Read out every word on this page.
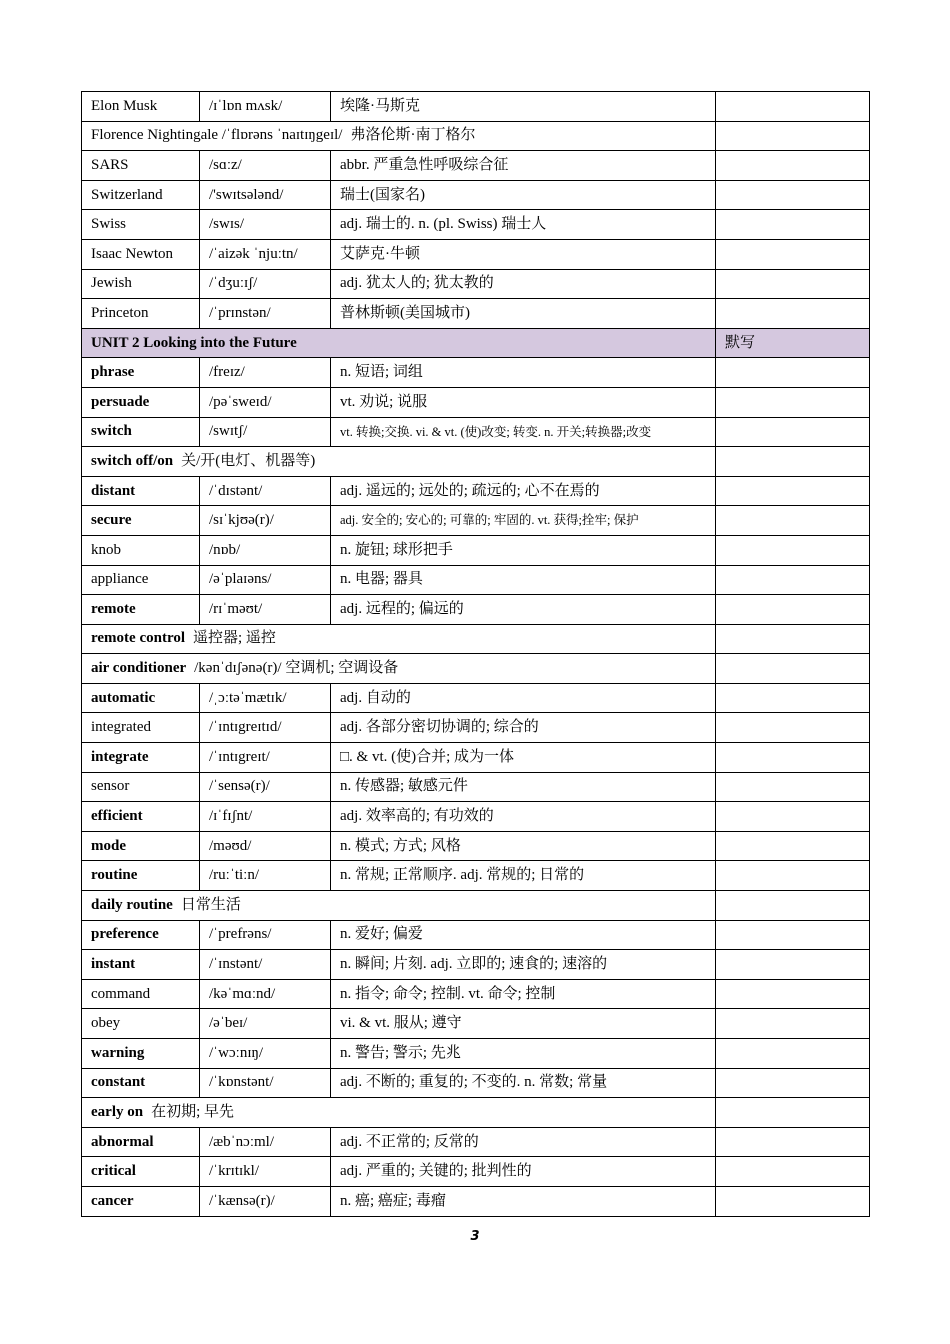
Elon Musk	/ɪˈlɒn mʌsk/	埃隆·马斯克	
Florence Nightingale /ˈflɒrəns ˈnaɪtɪŋgeɪl/ 弗洛伦斯·南丁格尔			
SARS	/sɑːz/	abbr. 严重急性呼吸综合征	
Switzerland	/'swɪtsələnd/	瑞士(国家名)	
Swiss	/swɪs/	adj. 瑞士的. n. (pl. Swiss) 瑞士人	
Isaac Newton	/ˈaizək ˈnjuːtn/	艾萨克·牛顿	
Jewish	/ˈdʒuːɪʃ/	adj. 犹太人的; 犹太教的	
Princeton	/ˈprɪnstən/	普林斯顿(美国城市)	
UNIT 2 Looking into the Future			默写
phrase	/freɪz/	n. 短语; 词组	
persuade	/pəˈsweɪd/	vt. 劝说; 说服	
switch	/swɪtʃ/	vt. 转换;交换. vi. & vt. (使)改变; 转变. n. 开关;转换器;改变	
switch off/on 关/开(电灯、机器等)			
distant	/ˈdɪstənt/	adj. 遥远的; 远处的; 疏远的; 心不在焉的	
secure	/sɪˈkjʊə(r)/	adj. 安全的; 安心的; 可靠的; 牢固的. vt. 获得;拴牢; 保护	
knob	/nɒb/	n. 旋钮; 球形把手	
appliance	/əˈplaɪəns/	n. 电器; 器具	
remote	/rɪˈməʊt/	adj. 远程的; 偏远的	
remote control 遥控器; 遥控			
air conditioner /kənˈdɪʃənə(r)/ 空调机; 空调设备			
automatic	/ˌɔːtəˈmætɪk/	adj. 自动的	
integrated	/ˈɪntɪgreɪtɪd/	adj. 各部分密切协调的; 综合的	
integrate	/ˈɪntɪgreɪt/	□. & vt. (使)合并; 成为一体	
sensor	/ˈsensə(r)/	n. 传感器; 敏感元件	
efficient	/ɪˈfɪʃnt/	adj. 效率高的; 有功效的	
mode	/məʊd/	n. 模式; 方式; 风格	
routine	/ruːˈtiːn/	n. 常规; 正常顺序. adj. 常规的; 日常的	
daily routine 日常生活			
preference	/ˈprefrəns/	n. 爱好; 偏爱	
instant	/ˈɪnstənt/	n. 瞬间; 片刻. adj. 立即的; 速食的; 速溶的	
command	/kəˈmɑːnd/	n. 指令; 命令; 控制. vt. 命令; 控制	
obey	/əˈbeɪ/	vi. & vt. 服从; 遵守	
warning	/ˈwɔːnɪŋ/	n. 警告; 警示; 先兆	
constant	/ˈkɒnstənt/	adj. 不断的; 重复的; 不变的. n. 常数; 常量	
early on 在初期; 早先			
abnormal	/æbˈnɔːml/	adj. 不正常的; 反常的	
critical	/ˈkrɪtɪkl/	adj. 严重的; 关键的; 批判性的	
cancer	/ˈkænsə(r)/	n. 癌; 癌症; 毒瘤	
3
